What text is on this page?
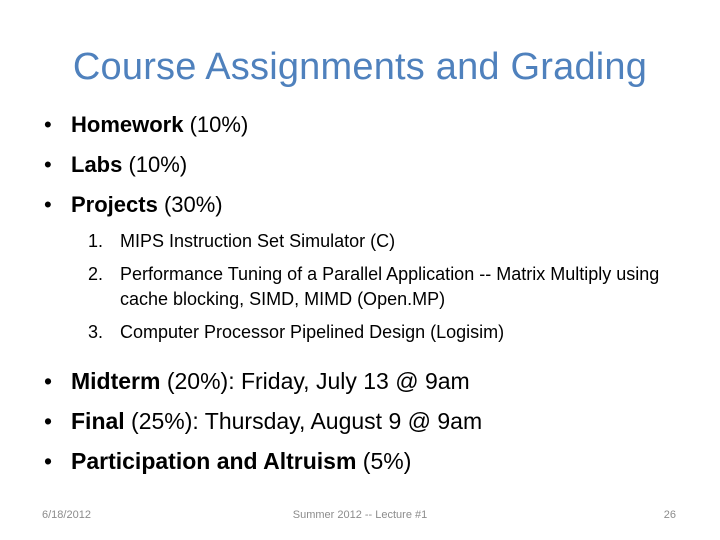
Course Assignments and Grading
• Homework (10%)
• Labs (10%)
• Projects (30%)
1. MIPS Instruction Set Simulator (C)
2. Performance Tuning of a Parallel Application -- Matrix Multiply using cache blocking, SIMD, MIMD (Open.MP)
3. Computer Processor Pipelined Design (Logisim)
• Midterm (20%): Friday, July 13 @ 9am
• Final (25%): Thursday, August 9 @ 9am
• Participation and Altruism (5%)
6/18/2012	Summer 2012 -- Lecture #1	26
